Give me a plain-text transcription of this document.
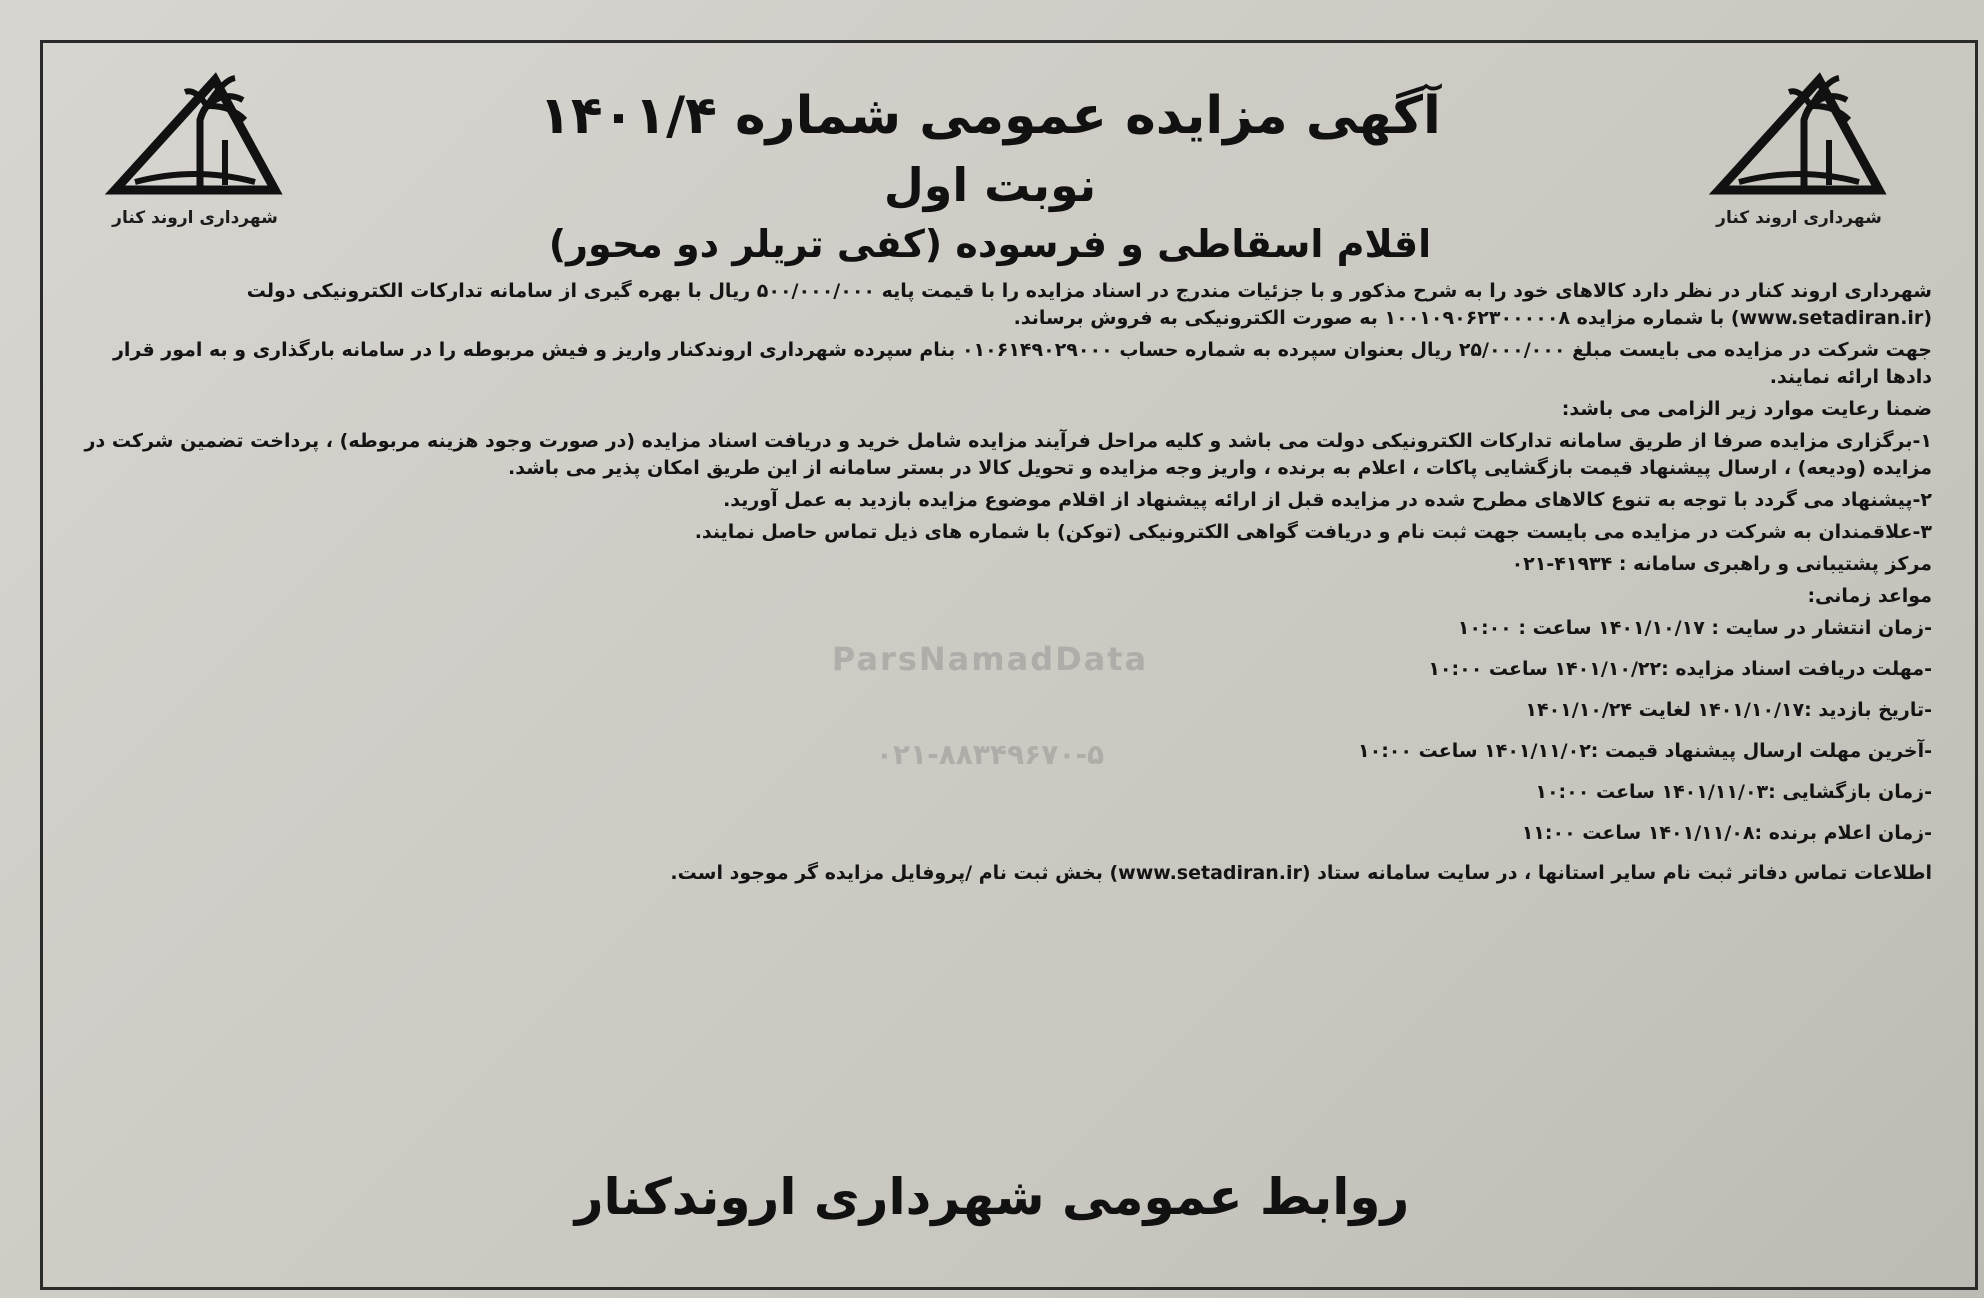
شهرداری اروند کنار
شهرداری اروند کنار
آگهی مزایده عمومی شماره ۱۴۰۱/۴
نوبت اول
اقلام اسقاطی و فرسوده (کفی تریلر دو محور)
ParsNamadData
۰۲۱-۸۸۳۴۹۶۷۰-۵

شهرداری اروند کنار در نظر دارد کالاهای خود را به شرح مذکور و با جزئیات مندرج در اسناد مزایده را با قیمت پایه ۵۰۰/۰۰۰/۰۰۰ ریال با بهره گیری از سامانه تدارکات الکترونیکی دولت (www.setadiran.ir) با شماره مزایده ۱۰۰۱۰۹۰۶۲۳۰۰۰۰۰۸ به صورت الکترونیکی به فروش برساند.

جهت شرکت در مزایده می بایست مبلغ ۲۵/۰۰۰/۰۰۰ ریال بعنوان سپرده به شماره حساب ۰۱۰۶۱۴۹۰۲۹۰۰۰ بنام سپرده شهرداری اروندکنار واریز و فیش مربوطه را در سامانه بارگذاری و به امور قرار دادها ارائه نمایند.

ضمنا رعایت موارد زیر الزامی می باشد:

۱-برگزاری مزایده صرفا از طریق سامانه تدارکات الکترونیکی دولت می باشد و کلیه مراحل فرآیند مزایده شامل خرید و دریافت اسناد مزایده (در صورت وجود هزینه مربوطه) ، پرداخت تضمین شرکت در مزایده (ودیعه) ، ارسال پیشنهاد قیمت بازگشایی پاکات ، اعلام به برنده ، واریز وجه مزایده و تحویل کالا در بستر سامانه از این طریق امکان پذیر می باشد.

۲-پیشنهاد می گردد با توجه به تنوع کالاهای مطرح شده در مزایده قبل از ارائه پیشنهاد از اقلام موضوع مزایده بازدید به عمل آورید.

۳-علاقمندان به شرکت در مزایده می بایست جهت ثبت نام و دریافت گواهی الکترونیکی (توکن) با شماره های ذیل تماس حاصل نمایند.

مرکز پشتیبانی و راهبری سامانه : ۴۱۹۳۴-۰۲۱

مواعد زمانی:

-زمان انتشار در سایت : ۱۴۰۱/۱۰/۱۷ ساعت : ۱۰:۰۰

-مهلت دریافت اسناد مزایده :۱۴۰۱/۱۰/۲۲ ساعت ۱۰:۰۰

-تاریخ بازدید :۱۴۰۱/۱۰/۱۷ لغایت ۱۴۰۱/۱۰/۲۴

-آخرین مهلت ارسال پیشنهاد قیمت :۱۴۰۱/۱۱/۰۲ ساعت ۱۰:۰۰

-زمان بازگشایی :۱۴۰۱/۱۱/۰۳ ساعت ۱۰:۰۰

-زمان اعلام برنده :۱۴۰۱/۱۱/۰۸ ساعت ۱۱:۰۰

اطلاعات تماس دفاتر ثبت نام سایر استانها ، در سایت سامانه ستاد (www.setadiran.ir) بخش ثبت نام /پروفایل مزایده گر موجود است.

روابط عمومی شهرداری اروندکنار
